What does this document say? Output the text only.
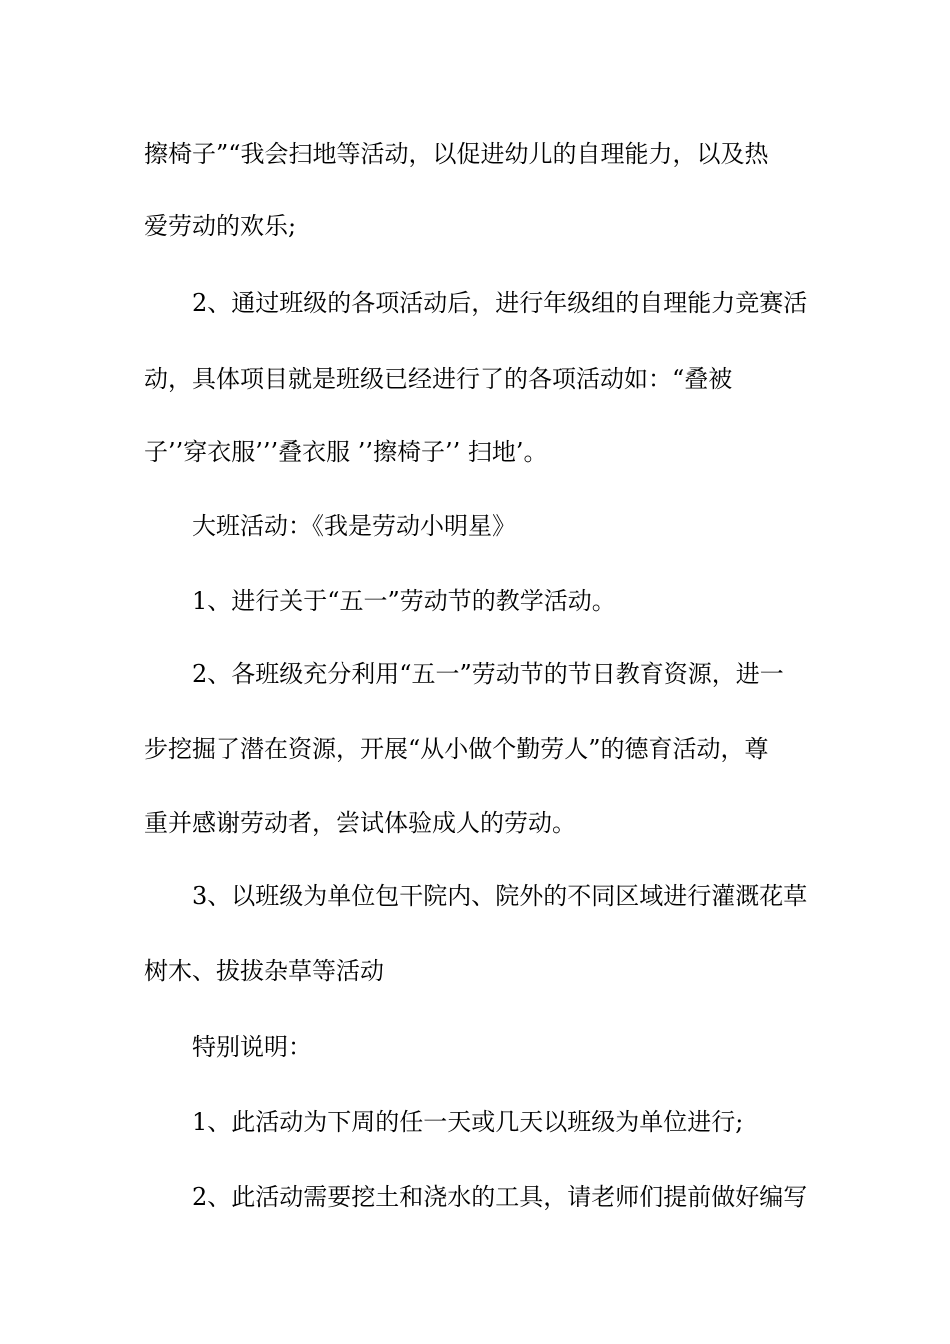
擦椅子”“我会扫地等活动，以促进幼儿的自理能力，以及热
爱劳动的欢乐;
2、通过班级的各项活动后，进行年级组的自理能力竞赛活
动，具体项目就是班级已经进行了的各项活动如：“叠被
子’’穿衣服’’’叠衣服 ’’擦椅子’’ 扫地’。
大班活动：《我是劳动小明星》
1、进行关于“五一”劳动节的教学活动。
2、各班级充分利用“五一”劳动节的节日教育资源，进一
步挖掘了潜在资源，开展“从小做个勤劳人”的德育活动，尊
重并感谢劳动者，尝试体验成人的劳动。
3、以班级为单位包干院内、院外的不同区域进行灌溉花草
树木、拔拔杂草等活动
特别说明：
1、此活动为下周的任一天或几天以班级为单位进行;
2、此活动需要挖土和浇水的工具，请老师们提前做好编写
